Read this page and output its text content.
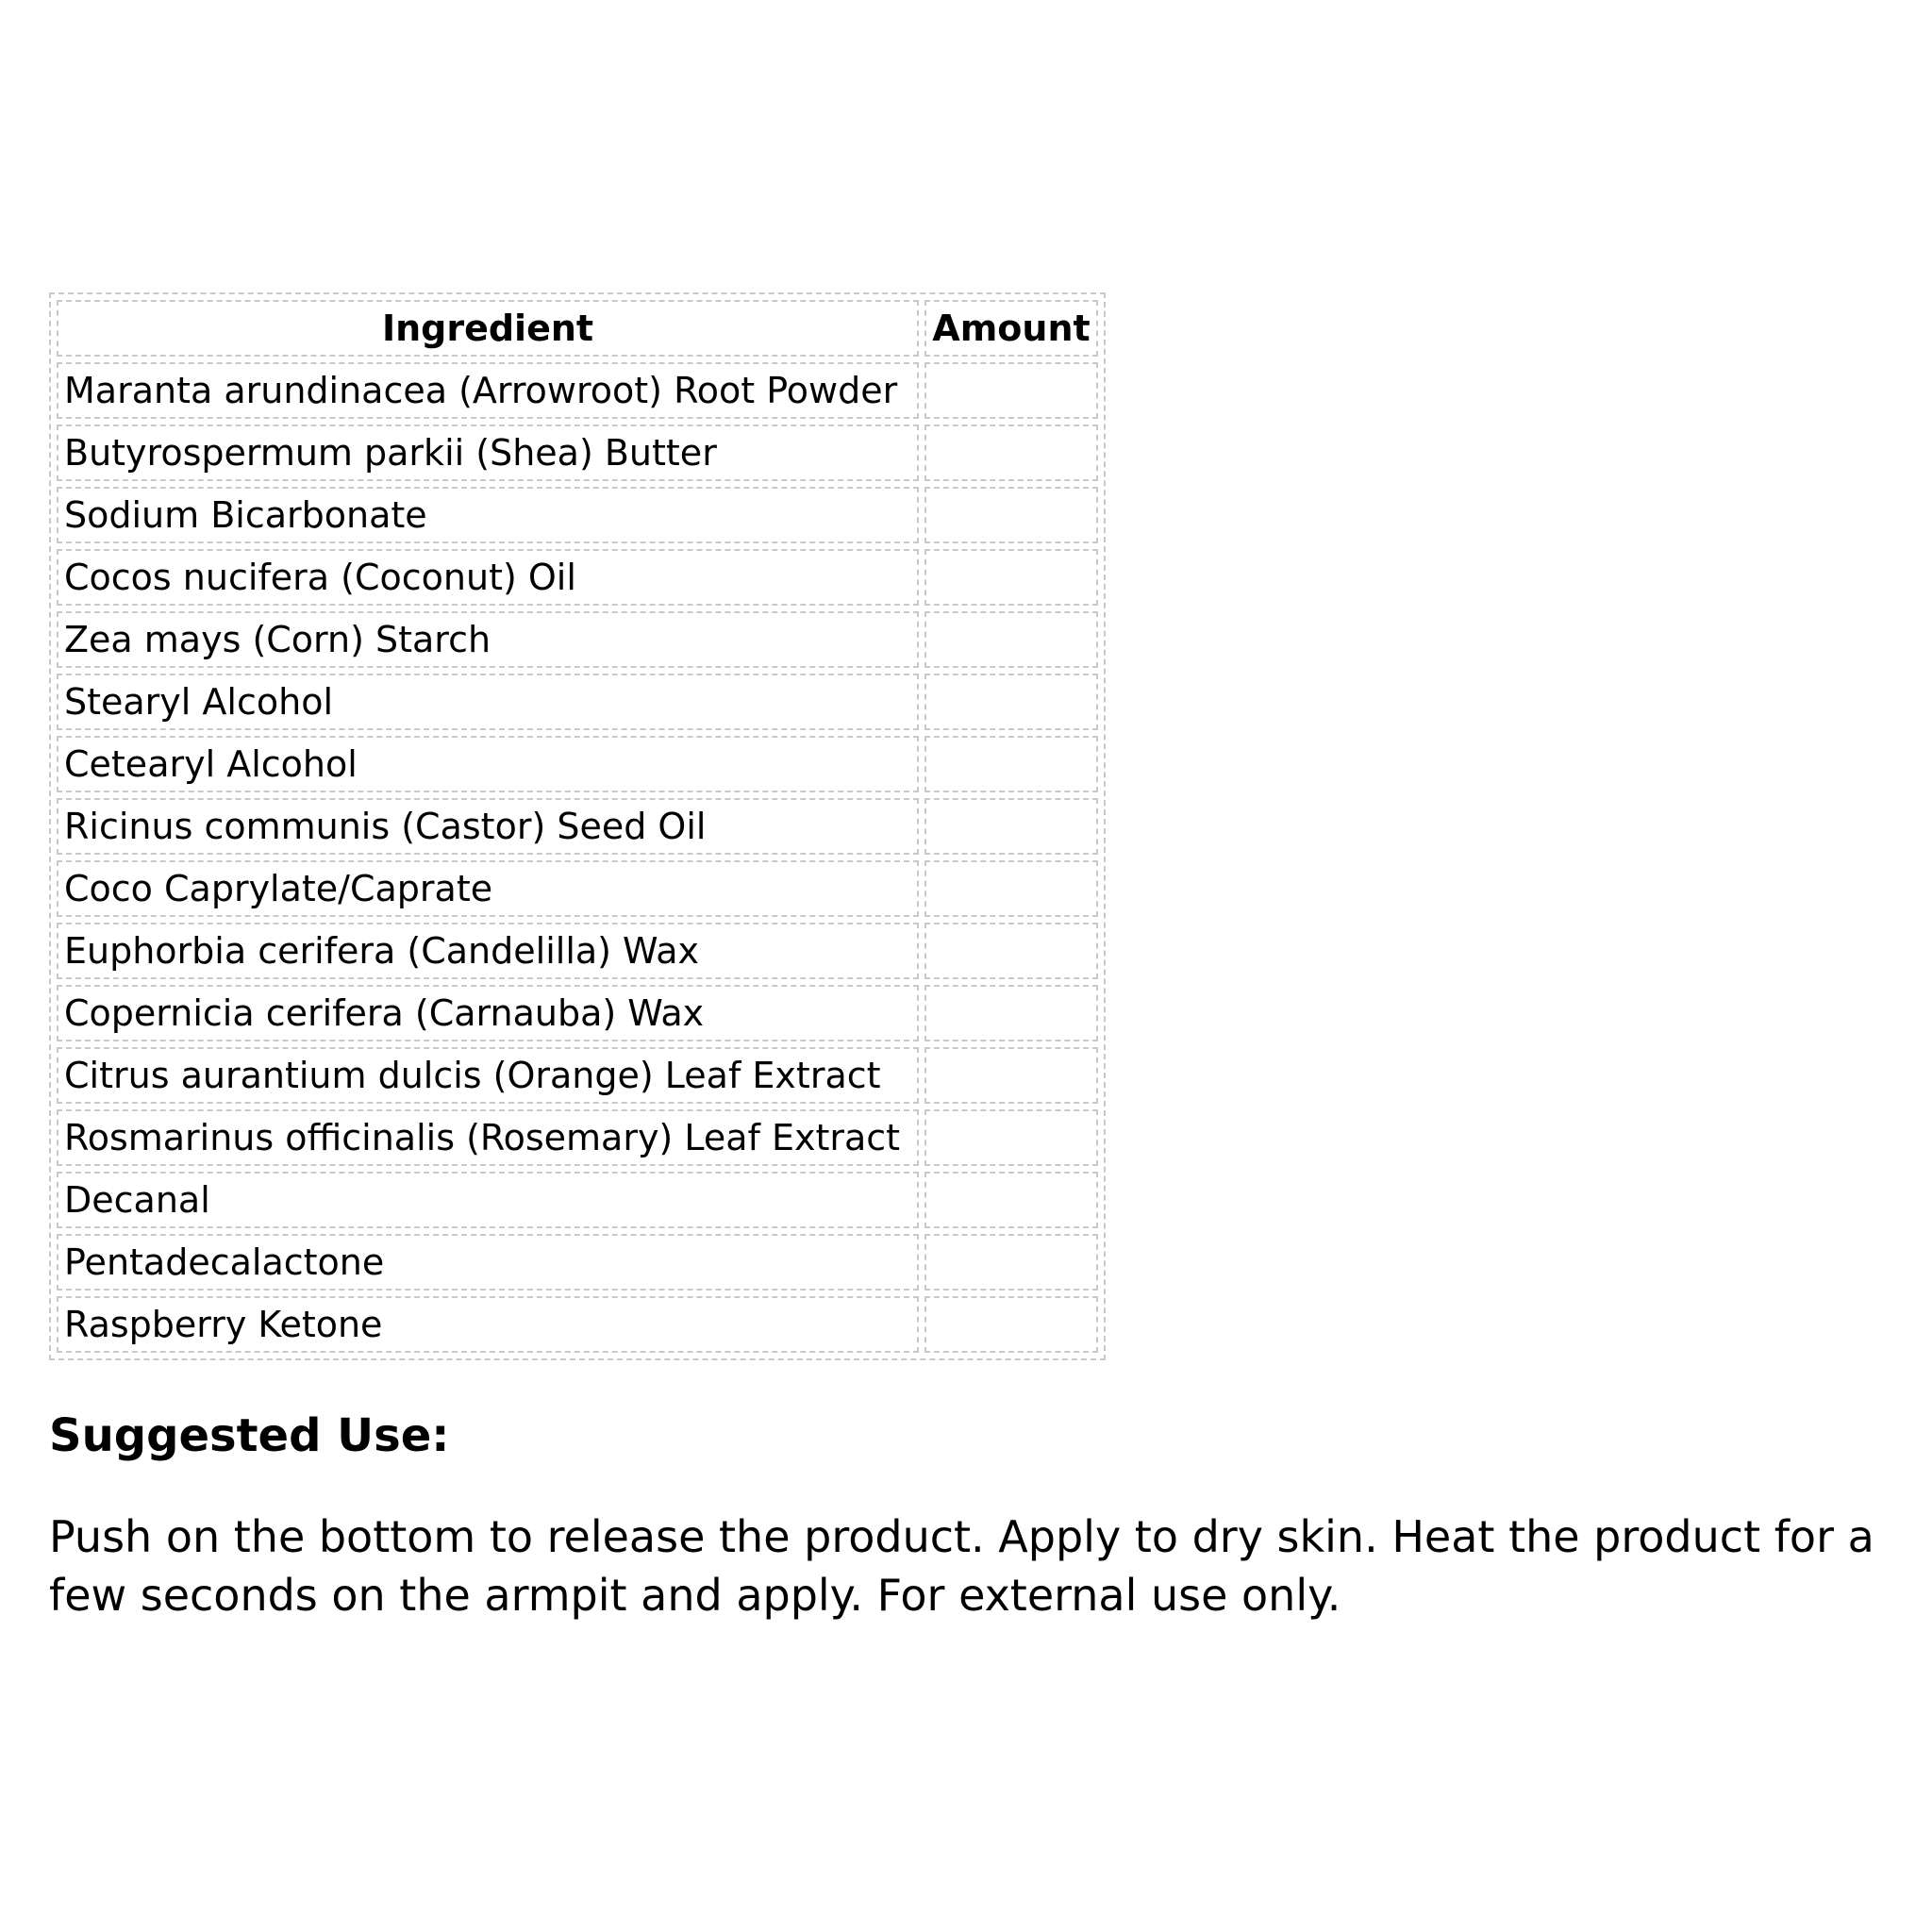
Ingredient	Amount
Maranta arundinacea (Arrowroot) Root Powder	
Butyrospermum parkii (Shea) Butter	
Sodium Bicarbonate	
Cocos nucifera (Coconut) Oil	
Zea mays (Corn) Starch	
Stearyl Alcohol	
Cetearyl Alcohol	
Ricinus communis (Castor) Seed Oil	
Coco Caprylate/Caprate	
Euphorbia cerifera (Candelilla) Wax	
Copernicia cerifera (Carnauba) Wax	
Citrus aurantium dulcis (Orange) Leaf Extract	
Rosmarinus officinalis (Rosemary) Leaf Extract	
Decanal	
Pentadecalactone	
Raspberry Ketone	
Suggested Use:

Push on the bottom to release the product. Apply to dry skin. Heat the product for a few seconds on the armpit and apply. For external use only.
